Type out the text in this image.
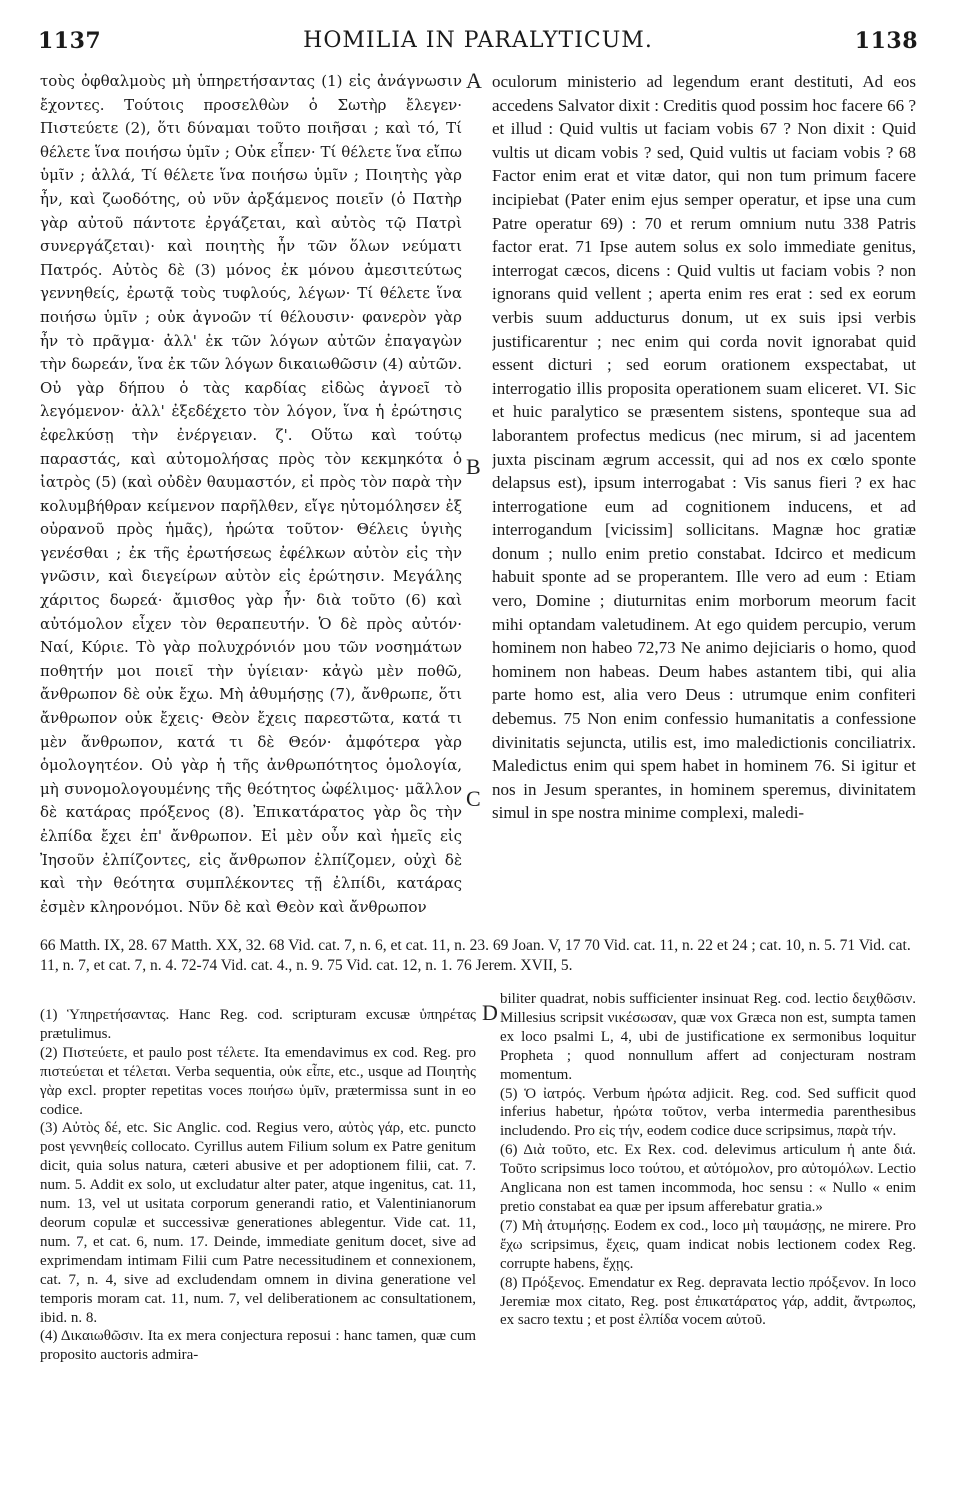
1137	HOMILIA IN PARALYTICUM.	1138

τοὺς ὀφθαλμοὺς μὴ ὑπηρετήσαντας (1) εἰς ἀνάγνωσιν ἔχοντες. Τούτοις προσελθὼν ὁ Σωτὴρ ἔλεγεν· Πιστεύετε (2), ὅτι δύναμαι τοῦτο ποιῆσαι ; καὶ τό, Τί θέλετε ἵνα ποιήσω ὑμῖν ; Οὐκ εἶπεν· Τί θέλετε ἵνα εἴπω ὑμῖν ; ἀλλά, Τί θέλετε ἵνα ποιήσω ὑμῖν ; Ποιητὴς γὰρ ἦν, καὶ ζωοδότης, οὐ νῦν ἀρξάμενος ποιεῖν (ὁ Πατὴρ γὰρ αὐτοῦ πάντοτε ἐργάζεται, καὶ αὐτὸς τῷ Πατρὶ συνεργάζεται)· καὶ ποιητὴς ἦν τῶν ὅλων νεύματι Πατρός. Αὐτὸς δὲ (3) μόνος ἐκ μόνου ἀμεσιτεύτως γεννηθείς, ἐρωτᾷ τοὺς τυφλούς, λέγων· Τί θέλετε ἵνα ποιήσω ὑμῖν ; οὐκ ἀγνοῶν τί θέλουσιν· φανερὸν γὰρ ἦν τὸ πρᾶγμα· ἀλλ' ἐκ τῶν λόγων αὐτῶν ἐπαγαγὼν τὴν δωρεάν, ἵνα ἐκ τῶν λόγων δικαιωθῶσιν (4) αὐτῶν. Οὐ γὰρ δήπου ὁ τὰς καρδίας εἰδὼς ἀγνοεῖ τὸ λεγόμενον· ἀλλ' ἐξεδέχετο τὸν λόγον, ἵνα ἡ ἐρώτησις ἐφελκύσῃ τὴν ἐνέργειαν. ζ'. Οὕτω καὶ τούτῳ παραστάς, καὶ αὐτομολήσας πρὸς τὸν κεκμηκότα ὁ ἰατρὸς (5) (καὶ οὐδὲν θαυμαστόν, εἰ πρὸς τὸν παρὰ τὴν κολυμβήθραν κείμενον παρῆλθεν, εἴγε ηὐτομόλησεν ἐξ οὐρανοῦ πρὸς ἡμᾶς), ἠρώτα τοῦτον· Θέλεις ὑγιὴς γενέσθαι ; ἐκ τῆς ἐρωτήσεως ἐφέλκων αὐτὸν εἰς τὴν γνῶσιν, καὶ διεγείρων αὐτὸν εἰς ἐρώτησιν. Μεγάλης χάριτος δωρεά· ἄμισθος γὰρ ἦν· διὰ τοῦτο (6) καὶ αὐτόμολον εἶχεν τὸν θεραπευτήν. Ὁ δὲ πρὸς αὐτόν· Ναί, Κύριε. Τὸ γὰρ πολυχρόνιόν μου τῶν νοσημάτων ποθητήν μοι ποιεῖ τὴν ὑγίειαν· κἀγὼ μὲν ποθῶ, ἄνθρωπον δὲ οὐκ ἔχω. Μὴ ἀθυμήσῃς (7), ἄνθρωπε, ὅτι ἄνθρωπον οὐκ ἔχεις· Θεὸν ἔχεις παρεστῶτα, κατά τι μὲν ἄνθρωπον, κατά τι δὲ Θεόν· ἀμφότερα γὰρ ὁμολογητέον. Οὐ γὰρ ἡ τῆς ἀνθρωπότητος ὁμολογία, μὴ συνομολογουμένης τῆς θεότητος ὠφέλιμος· μᾶλλον δὲ κατάρας πρόξενος (8). Ἐπικατάρατος γὰρ ὃς τὴν ἐλπίδα ἔχει ἐπ' ἄνθρωπον. Εἰ μὲν οὖν καὶ ἡμεῖς εἰς Ἰησοῦν ἐλπίζοντες, εἰς ἄνθρωπον ἐλπίζομεν, οὐχὶ δὲ καὶ τὴν θεότητα συμπλέκοντες τῇ ἐλπίδι, κατάρας ἐσμὲν κληρονόμοι. Νῦν δὲ καὶ Θεὸν καὶ ἄνθρωπον

A
B
C
D

oculorum ministerio ad legendum erant destituti, Ad eos accedens Salvator dixit : Creditis quod possim hoc facere 66 ? et illud : Quid vultis ut faciam vobis 67 ? Non dixit : Quid vultis ut dicam vobis ? sed, Quid vultis ut faciam vobis ? 68 Factor enim erat et vitæ dator, qui non tum primum facere incipiebat (Pater enim ejus semper operatur, et ipse una cum Patre operatur 69) : 70 et rerum omnium nutu 338 Patris factor erat. 71 Ipse autem solus ex solo immediate genitus, interrogat cæcos, dicens : Quid vultis ut faciam vobis ? non ignorans quid vellent ; aperta enim res erat : sed ex eorum verbis suum adducturus donum, ut ex suis ipsi verbis justificarentur ; nec enim qui corda novit ignorabat quid essent dicturi ; sed eorum orationem exspectabat, ut interrogatio illis proposita operationem suam eliceret. VI. Sic et huic paralytico se præsentem sistens, sponteque sua ad laborantem profectus medicus (nec mirum, si ad jacentem juxta piscinam ægrum accessit, qui ad nos ex cœlo sponte delapsus est), ipsum interrogabat : Vis sanus fieri ? ex hac interrogatione eum ad cognitionem inducens, et ad interrogandum [vicissim] sollicitans. Magnæ hoc gratiæ donum ; nullo enim pretio constabat. Idcirco et medicum habuit sponte ad se properantem. Ille vero ad eum : Etiam vero, Domine ; diuturnitas enim morborum meorum facit mihi optandam valetudinem. At ego quidem percupio, verum hominem non habeo 72,73 Ne animo dejiciaris o homo, quod hominem non habeas. Deum habes astantem tibi, qui alia parte homo est, alia vero Deus : utrumque enim confiteri debemus. 75 Non enim confessio humanitatis a confessione divinitatis sejuncta, utilis est, imo maledictionis conciliatrix. Maledictus enim qui spem habet in hominem 76. Si igitur et nos in Jesum sperantes, in hominem speremus, divinitatem simul in spe nostra minime complexi, maledi-

66 Matth. IX, 28. 67 Matth. XX, 32. 68 Vid. cat. 7, n. 6, et cat. 11, n. 23. 69 Joan. V, 17 70 Vid. cat. 11, n. 22 et 24 ; cat. 10, n. 5. 71 Vid. cat. 11, n. 7, et cat. 7, n. 4. 72-74 Vid. cat. 4., n. 9. 75 Vid. cat. 12, n. 1. 76 Jerem. XVII, 5.

(1) Ὑπηρετήσαντας. Hanc Reg. cod. scripturam excusæ ὑπηρέτας prætulimus.

(2) Πιστεύετε, et paulo post τέλετε. Ita emendavimus ex cod. Reg. pro πιστεύεται et τέλεται. Verba sequentia, οὐκ εἶπε, etc., usque ad Ποιητὴς γὰρ excl. propter repetitas voces ποιήσω ὑμῖν, prætermissa sunt in eo codice.

(3) Αὐτὸς δέ, etc. Sic Anglic. cod. Regius vero, αὐτὸς γάρ, etc. puncto post γεννηθείς collocato. Cyrillus autem Filium solum ex Patre genitum dicit, quia solus natura, cæteri abusive et per adoptionem filii, cat. 7. num. 5. Addit ex solo, ut excludatur alter pater, atque ingenitus, cat. 11, num. 13, vel ut usitata corporum generandi ratio, et Valentinianorum deorum copulæ et successivæ generationes ablegentur. Vide cat. 11, num. 7, et cat. 6, num. 17. Deinde, immediate genitum docet, sive ad exprimendam intimam Filii cum Patre necessitudinem et connexionem, cat. 7, n. 4, sive ad excludendam omnem in divina generatione vel temporis moram cat. 11, num. 7, vel deliberationem ac consultationem, ibid. n. 8.

(4) Δικαιωθῶσιν. Ita ex mera conjectura reposui : hanc tamen, quæ cum proposito auctoris admira-

biliter quadrat, nobis sufficienter insinuat Reg. cod. lectio δειχθῶσιν. Millesius scripsit νικέσωσαν, quæ vox Græca non est, sumpta tamen ex loco psalmi L, 4, ubi de justificatione ex sermonibus loquitur Propheta ; quod nonnullum affert ad conjecturam nostram momentum.

(5) Ὁ ἰατρός. Verbum ἠρώτα adjicit. Reg. cod. Sed sufficit quod inferius habetur, ἠρώτα τοῦτον, verba intermedia parenthesibus includendo. Pro εἰς τήν, eodem codice duce scripsimus, παρὰ τήν.

(6) Διὰ τοῦτο, etc. Ex Rex. cod. delevimus articulum ἡ ante διά. Τοῦτο scripsimus loco τούτου, et αὐτόμολον, pro αὐτομόλων. Lectio Anglicana non est tamen incommoda, hoc sensu : « Nullo « enim pretio constabat ea quæ per ipsum afferebatur gratia.»

(7) Μὴ ἀτυμήσῃς. Eodem ex cod., loco μὴ ταυμάσῃς, ne mirere. Pro ἔχω scripsimus, ἔχεις, quam indicat nobis lectionem codex Reg. corrupte habens, ἔχῃς.

(8) Πρόξενος. Emendatur ex Reg. depravata lectio πρόξενον. In loco Jeremiæ mox citato, Reg. post ἐπικατάρατος γάρ, addit, ἄντρωπος, ex sacro textu ; et post ἐλπίδα vocem αὐτοῦ.
